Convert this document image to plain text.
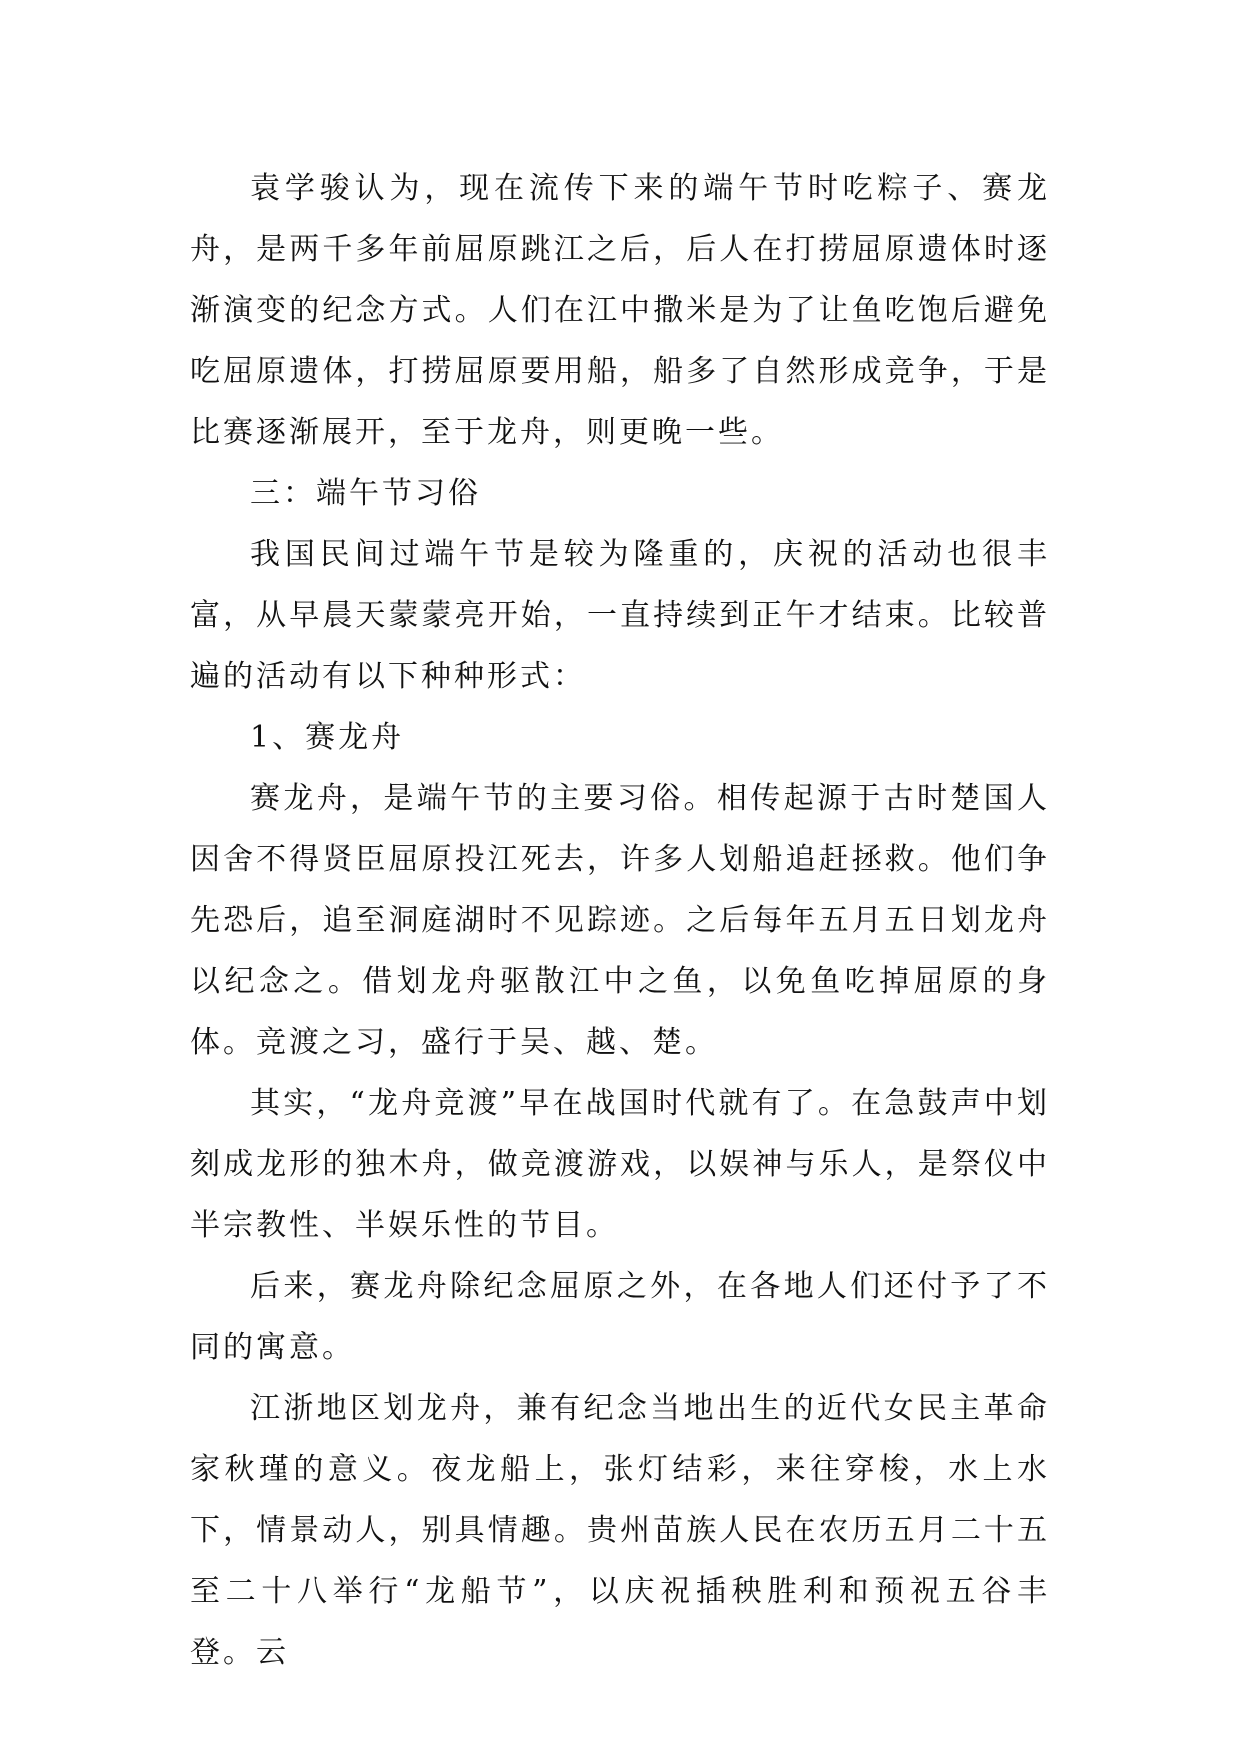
袁学骏认为，现在流传下来的端午节时吃粽子、赛龙舟，是两千多年前屈原跳江之后，后人在打捞屈原遗体时逐渐演变的纪念方式。人们在江中撒米是为了让鱼吃饱后避免吃屈原遗体，打捞屈原要用船，船多了自然形成竞争，于是比赛逐渐展开，至于龙舟，则更晚一些。

三：端午节习俗

我国民间过端午节是较为隆重的，庆祝的活动也很丰富，从早晨天蒙蒙亮开始，一直持续到正午才结束。比较普遍的活动有以下种种形式：

1、赛龙舟

赛龙舟，是端午节的主要习俗。相传起源于古时楚国人因舍不得贤臣屈原投江死去，许多人划船追赶拯救。他们争先恐后，追至洞庭湖时不见踪迹。之后每年五月五日划龙舟以纪念之。借划龙舟驱散江中之鱼，以免鱼吃掉屈原的身体。竞渡之习，盛行于吴、越、楚。

其实，“龙舟竞渡”早在战国时代就有了。在急鼓声中划刻成龙形的独木舟，做竞渡游戏，以娱神与乐人，是祭仪中半宗教性、半娱乐性的节目。

后来，赛龙舟除纪念屈原之外，在各地人们还付予了不同的寓意。

江浙地区划龙舟，兼有纪念当地出生的近代女民主革命家秋瑾的意义。夜龙船上，张灯结彩，来往穿梭，水上水下，情景动人，别具情趣。贵州苗族人民在农历五月二十五至二十八举行“龙船节”，以庆祝插秧胜利和预祝五谷丰登。云
